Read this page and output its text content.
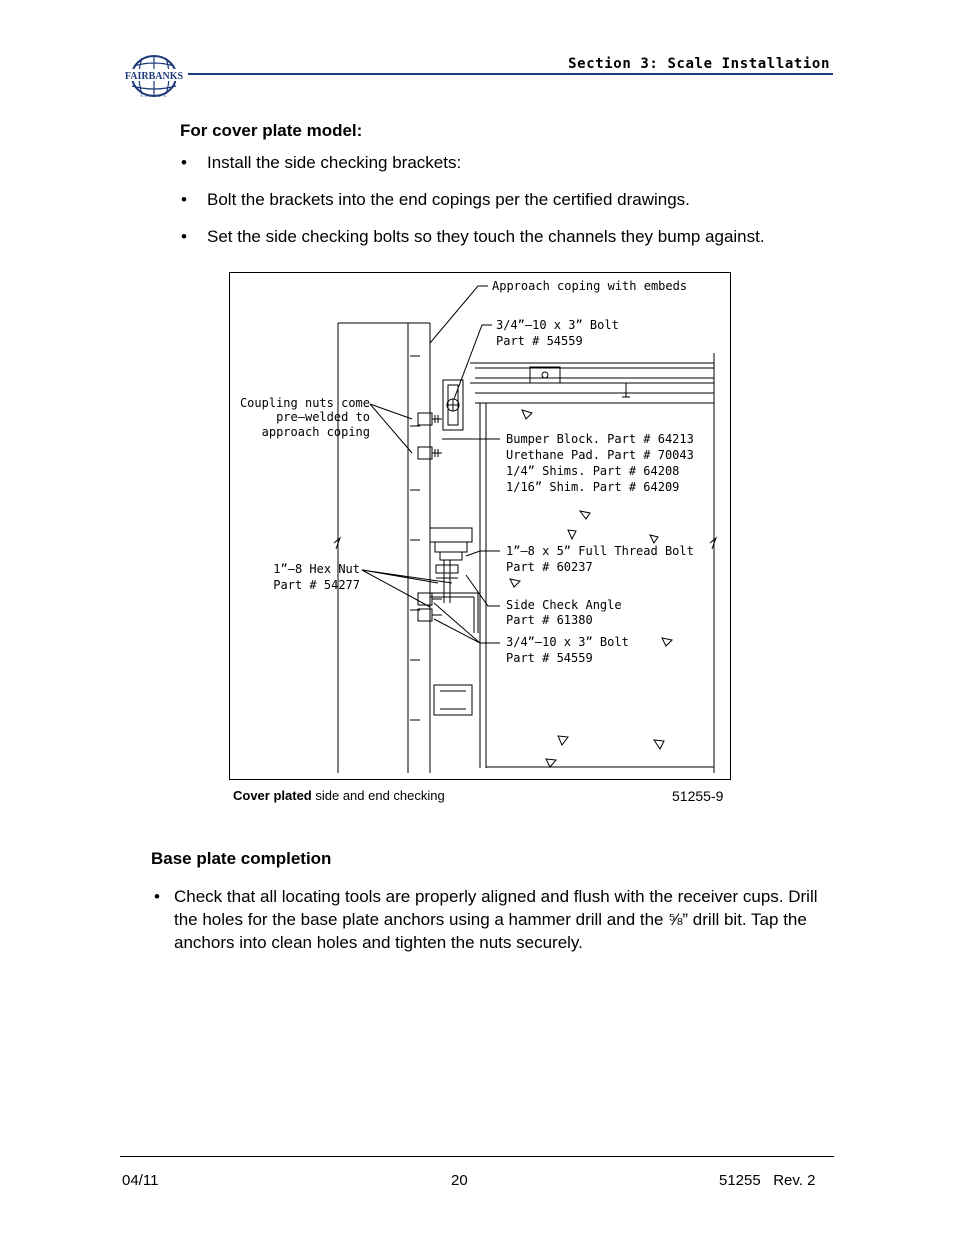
FAIRBANKS
SCALES
Section 3: Scale Installation
For cover plate model:
• Install the side checking brackets:
• Bolt the brackets into the end copings per the certified drawings.
• Set the side checking bolts so they touch the channels they bump against.
Approach coping with embeds
3/4”–10 x 3” Bolt
Part # 54559
Coupling nuts come
pre–welded to
approach coping	Bumper Block. Part # 64213
Urethane Pad. Part # 70043
1/4” Shims. Part # 64208
1/16” Shim. Part # 64209
1”–8 x 5” Full Thread Bolt
Part # 60237
1”–8 Hex Nut
Part # 54277
Side Check Angle
Part # 61380
3/4”–10 x 3” Bolt
Part # 54559
Cover plated side and end checking	51255-9
Base plate completion
• Check that all locating tools are properly aligned and flush with the receiver cups. Drill the holes for the base plate anchors using a hammer drill and the ⅝” drill bit. Tap the anchors into clean holes and tighten the nuts securely.
04/11	20	51255   Rev. 2
